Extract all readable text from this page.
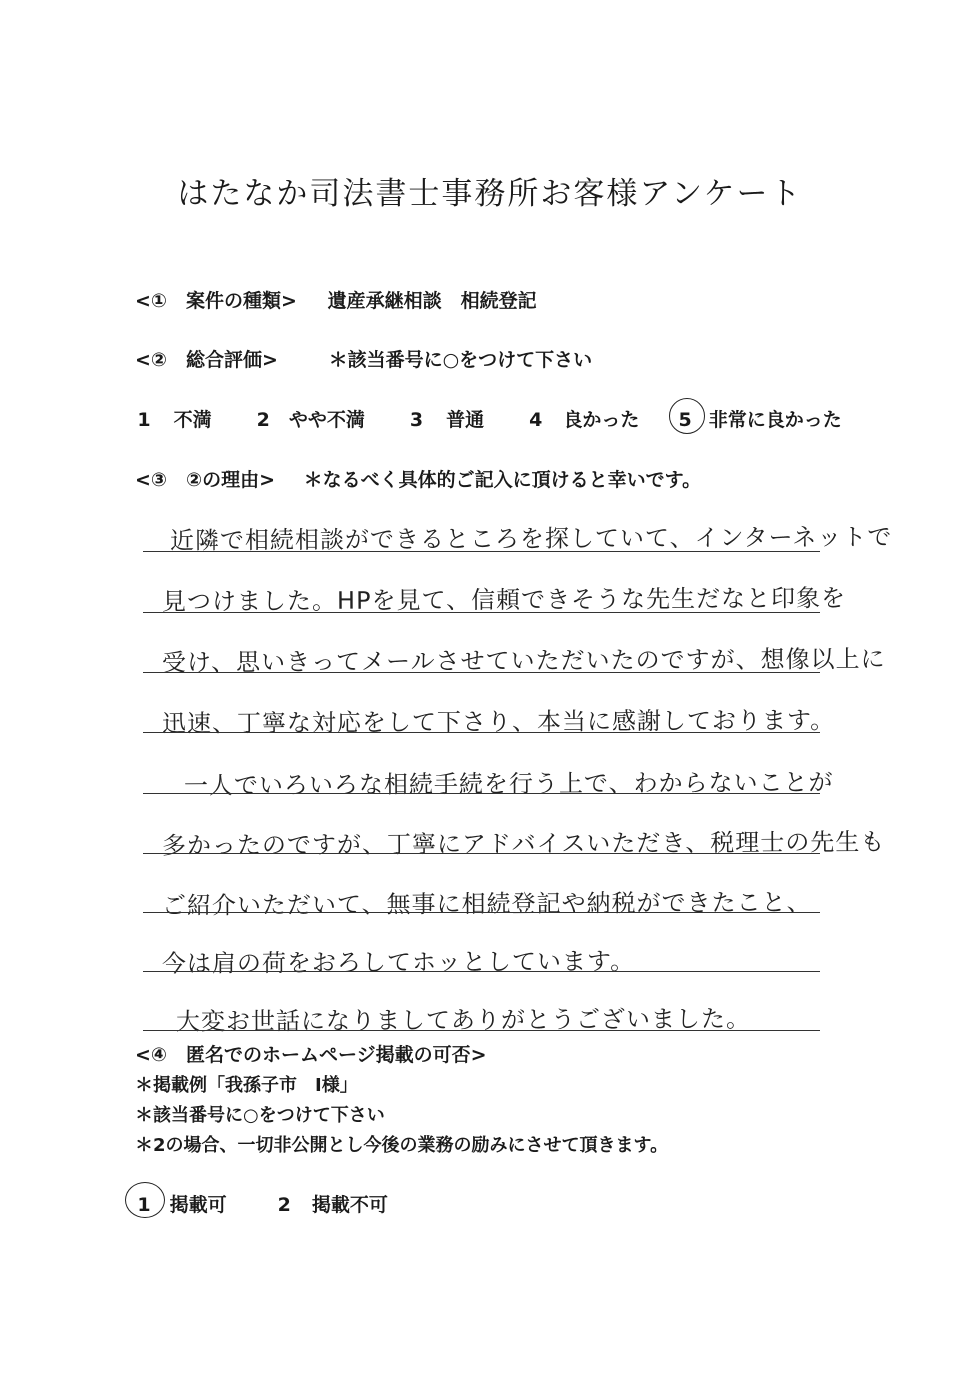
はたなか司法書士事務所お客様アンケート
<①　案件の種類> 遺産承継相談　相続登記
<②　総合評価>	＊該当番号に○をつけて下さい
1 不満 2 やや不満 3 普通 4 良かった 5 非常に良かった
<③　②の理由> ＊なるべく具体的ご記入に頂けると幸いです。
近隣で相続相談ができるところを探していて、インターネットで
見つけました。HPを見て、信頼できそうな先生だなと印象を
受け、思いきってメールさせていただいたのですが、想像以上に
迅速、丁寧な対応をして下さり、本当に感謝しております。
一人でいろいろな相続手続を行う上で、わからないことが
多かったのですが、丁寧にアドバイスいただき、税理士の先生も
ご紹介いただいて、無事に相続登記や納税ができたこと、
今は肩の荷をおろしてホッとしています。
大変お世話になりましてありがとうございました。
<④　匿名でのホームページ掲載の可否>
＊掲載例「我孫子市　I様」
＊該当番号に○をつけて下さい
＊2の場合、一切非公開とし今後の業務の励みにさせて頂きます。
1 掲載可	2 掲載不可
